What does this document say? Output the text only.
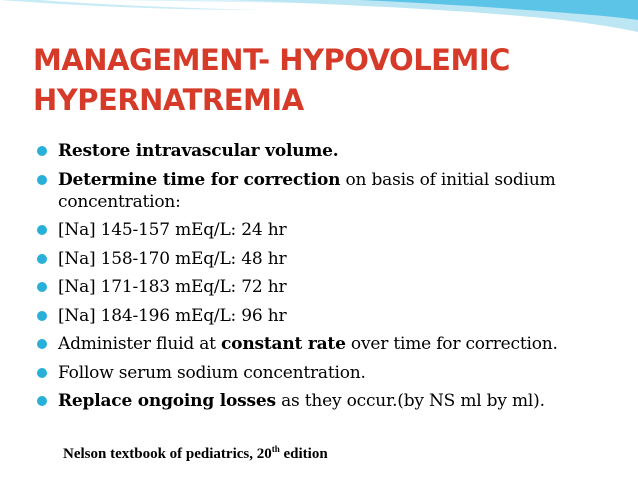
MANAGEMENT- HYPOVOLEMIC
HYPERNATREMIA
Restore intravascular volume.
Determine time for correction on basis of initial sodium concentration:
[Na] 145-157 mEq/L: 24 hr
[Na] 158-170 mEq/L: 48 hr
[Na] 171-183 mEq/L: 72 hr
[Na] 184-196 mEq/L: 96 hr
Administer fluid at constant rate over time for correction.
Follow serum sodium concentration.
Replace ongoing losses as they occur.(by NS ml by ml).
Nelson textbook of pediatrics, 20th edition
